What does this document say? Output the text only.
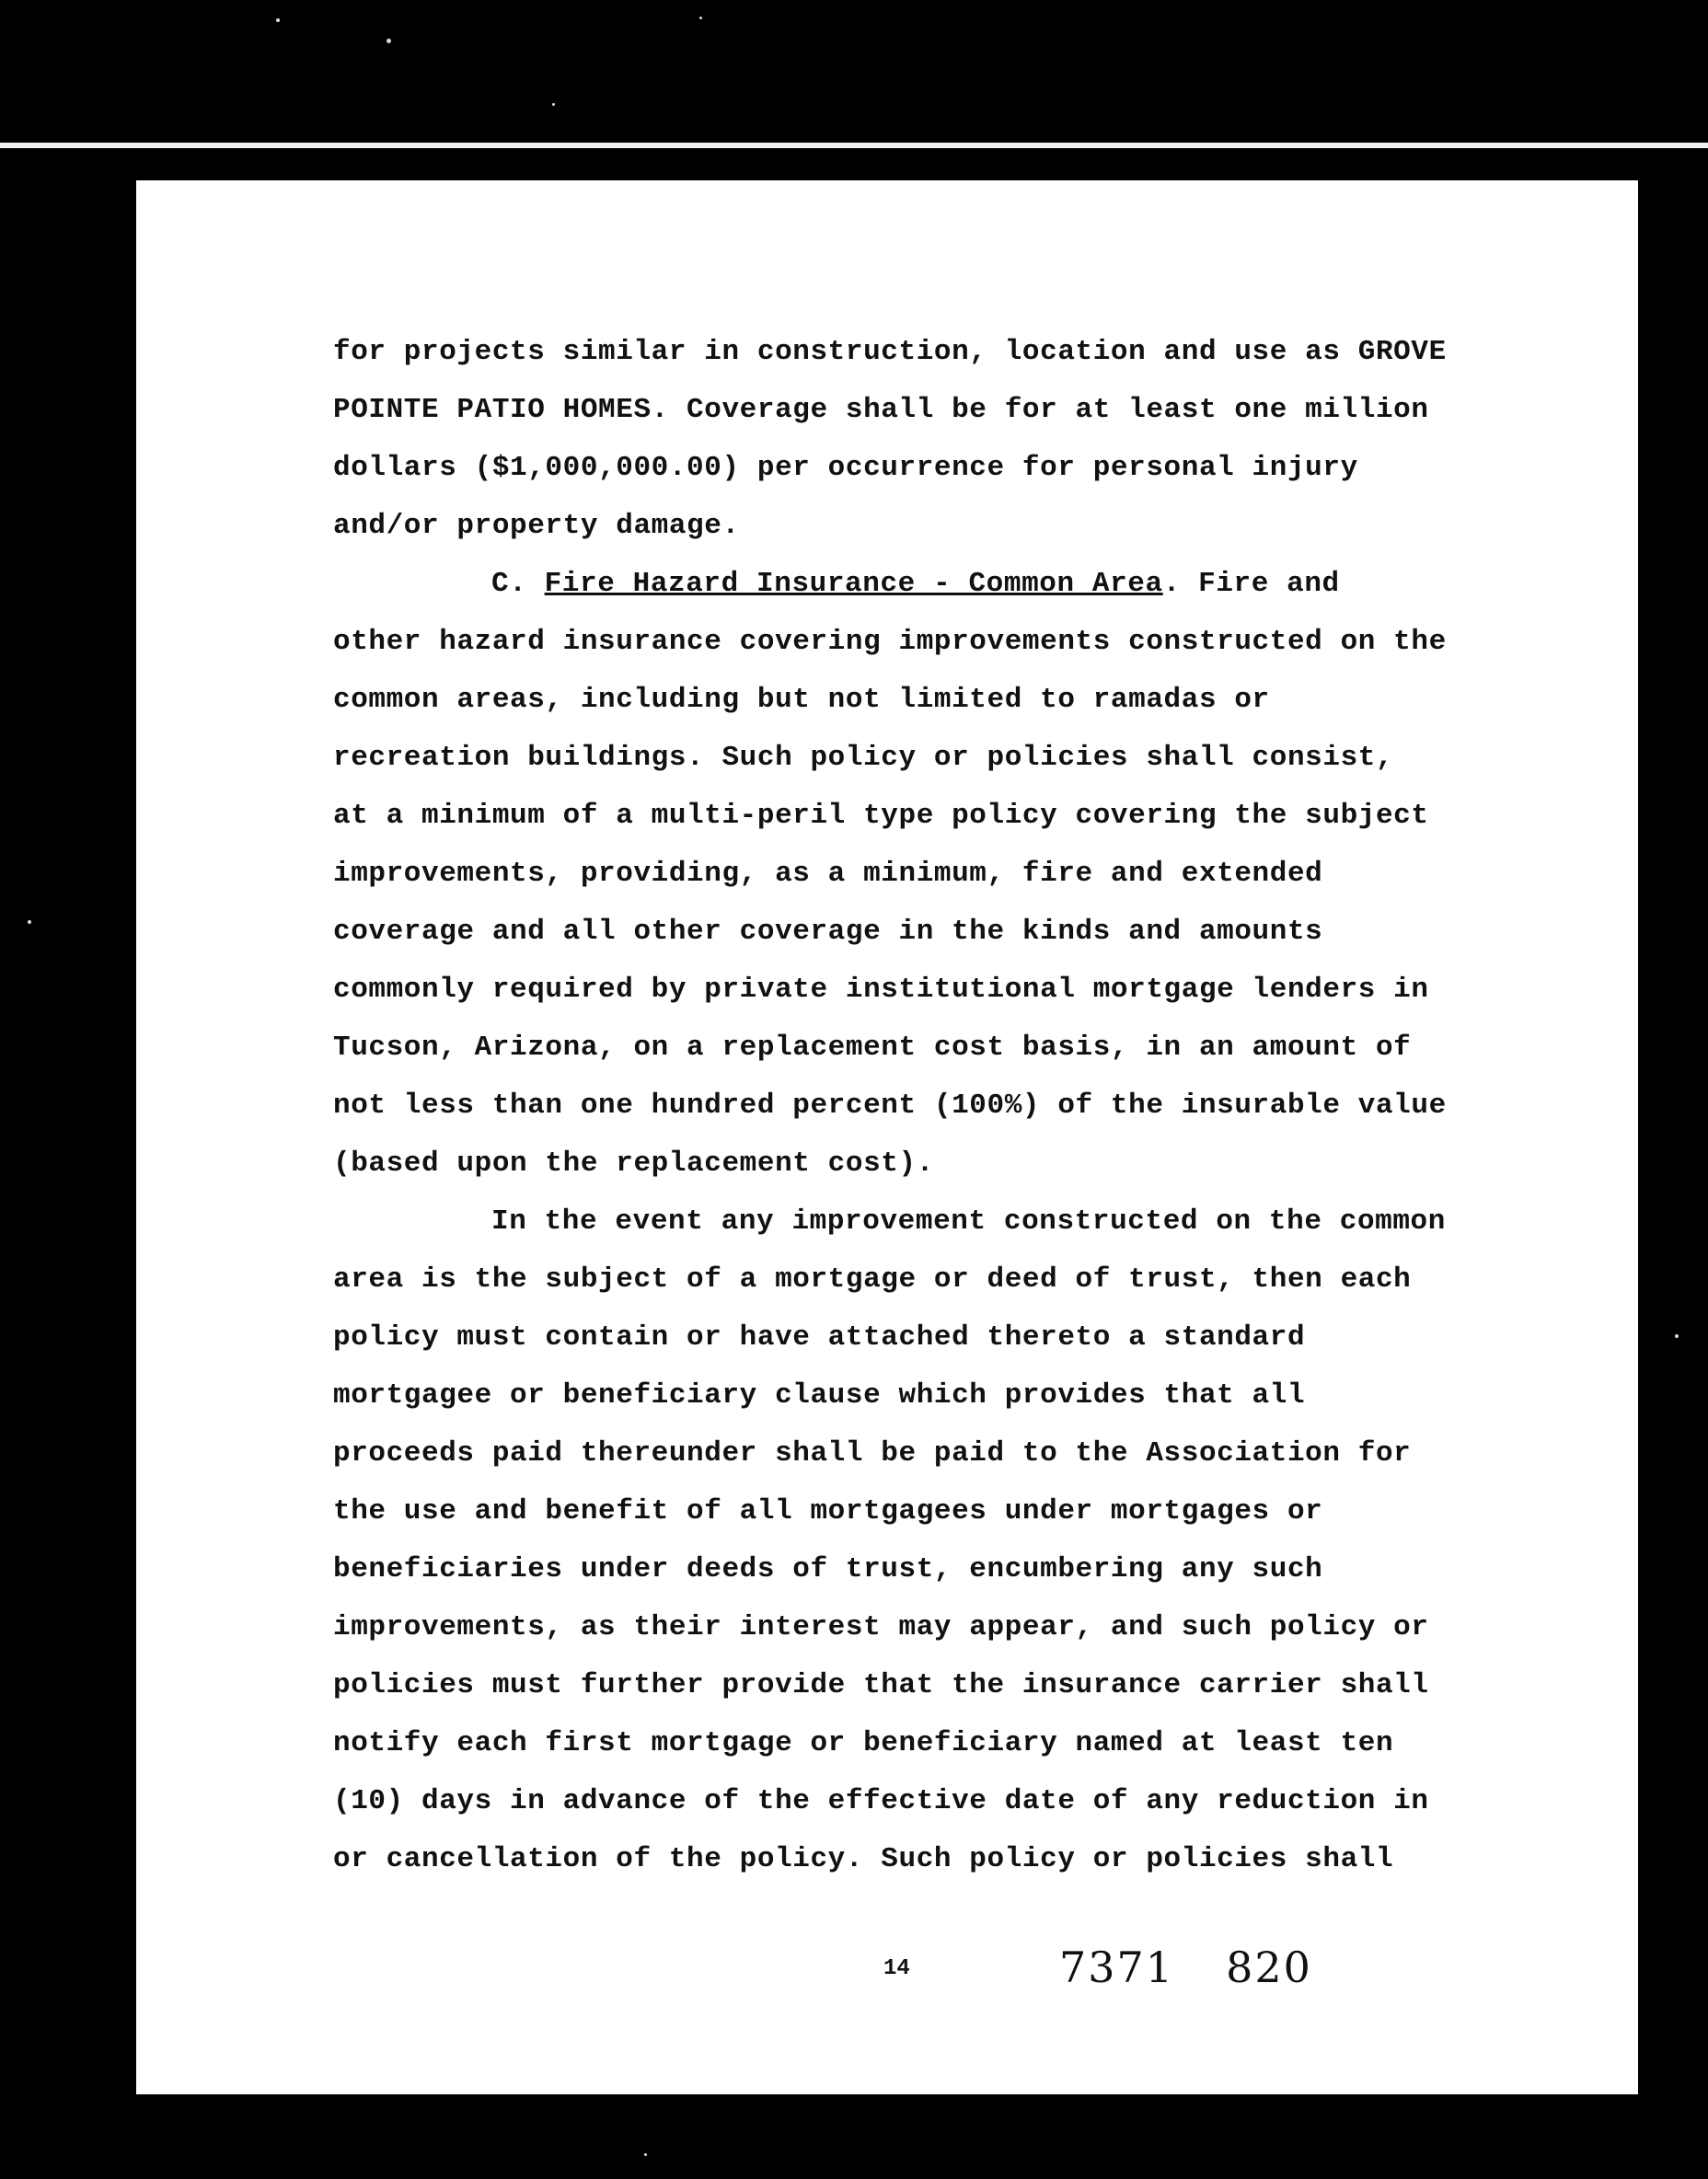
for projects similar in construction, location and use as GROVE
POINTE PATIO HOMES. Coverage shall be for at least one million
dollars ($1,000,000.00) per occurrence for personal injury
and/or property damage.
C. Fire Hazard Insurance - Common Area. Fire and
other hazard insurance covering improvements constructed on the
common areas, including but not limited to ramadas or
recreation buildings. Such policy or policies shall consist,
at a minimum of a multi-peril type policy covering the subject
improvements, providing, as a minimum, fire and extended
coverage and all other coverage in the kinds and amounts
commonly required by private institutional mortgage lenders in
Tucson, Arizona, on a replacement cost basis, in an amount of
not less than one hundred percent (100%) of the insurable value
(based upon the replacement cost).
In the event any improvement constructed on the common
area is the subject of a mortgage or deed of trust, then each
policy must contain or have attached thereto a standard
mortgagee or beneficiary clause which provides that all
proceeds paid thereunder shall be paid to the Association for
the use and benefit of all mortgagees under mortgages or
beneficiaries under deeds of trust, encumbering any such
improvements, as their interest may appear, and such policy or
policies must further provide that the insurance carrier shall
notify each first mortgage or beneficiary named at least ten
(10) days in advance of the effective date of any reduction in
or cancellation of the policy. Such policy or policies shall
14	7371 820
